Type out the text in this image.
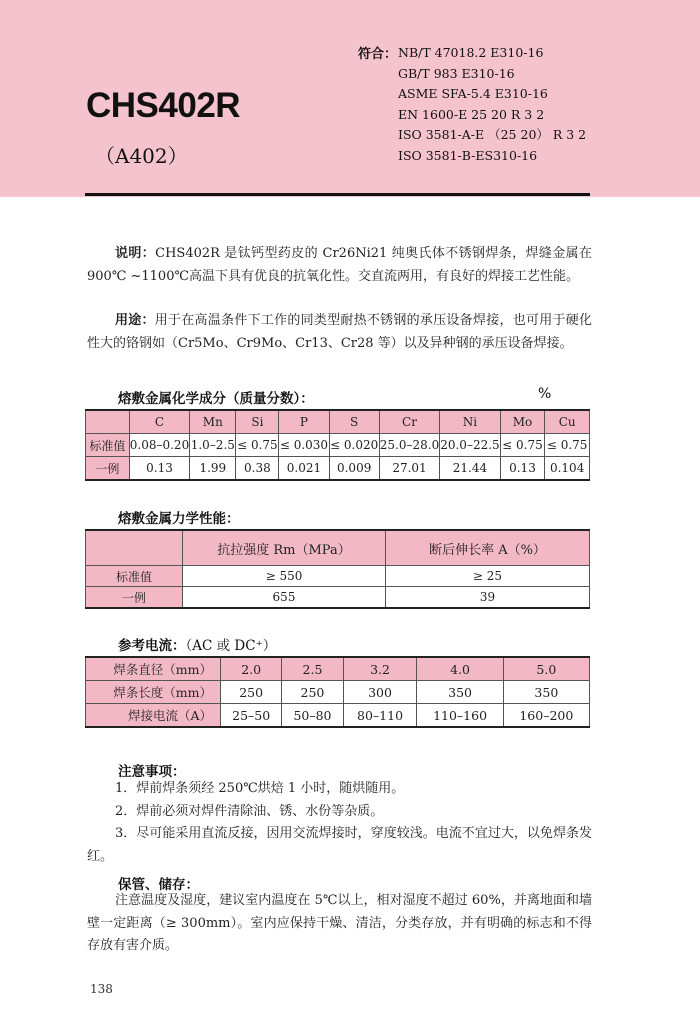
CHS402R
（A402）
符合： NB/T 47018.2 E310-16
GB/T 983 E310-16
ASME SFA-5.4 E310-16
EN 1600-E 25 20 R 3 2
ISO 3581-A-E （25 20） R 3 2
ISO 3581-B-ES310-16
说明：CHS402R 是钛钙型药皮的 Cr26Ni21 纯奥氏体不锈钢焊条，焊缝金属在 900℃ ~1100℃高温下具有优良的抗氧化性。交直流两用，有良好的焊接工艺性能。
用途：用于在高温条件下工作的同类型耐热不锈钢的承压设备焊接，也可用于硬化性大的铬钢如（Cr5Mo、Cr9Mo、Cr13、Cr28 等）以及异种钢的承压设备焊接。
熔敷金属化学成分（质量分数）：	%
	C	Mn	Si	P	S	Cr	Ni	Mo	Cu
标准值	0.08–0.20	1.0–2.5	≤ 0.75	≤ 0.030	≤ 0.020	25.0–28.0	20.0–22.5	≤ 0.75	≤ 0.75
一例	0.13	1.99	0.38	0.021	0.009	27.01	21.44	0.13	0.104
熔敷金属力学性能：
	抗拉强度 Rm（MPa）	断后伸长率 A（%）
标准值	≥ 550	≥ 25
一例	655	39
参考电流：（AC 或 DC⁺）
焊条直径（mm）	2.0	2.5	3.2	4.0	5.0
焊条长度（mm）	250	250	300	350	350
焊接电流（A）	25–50	50–80	80–110	110–160	160–200
注意事项：
1．焊前焊条须经 250℃烘焙 1 小时，随烘随用。
2．焊前必须对焊件清除油、锈、水份等杂质。
3．尽可能采用直流反接，因用交流焊接时，穿度较浅。电流不宜过大，以免焊条发红。
保管、储存：
注意温度及湿度，建议室内温度在 5℃以上，相对湿度不超过 60%，并离地面和墙壁一定距离（≥ 300mm）。室内应保持干燥、清洁，分类存放，并有明确的标志和不得存放有害介质。
138
